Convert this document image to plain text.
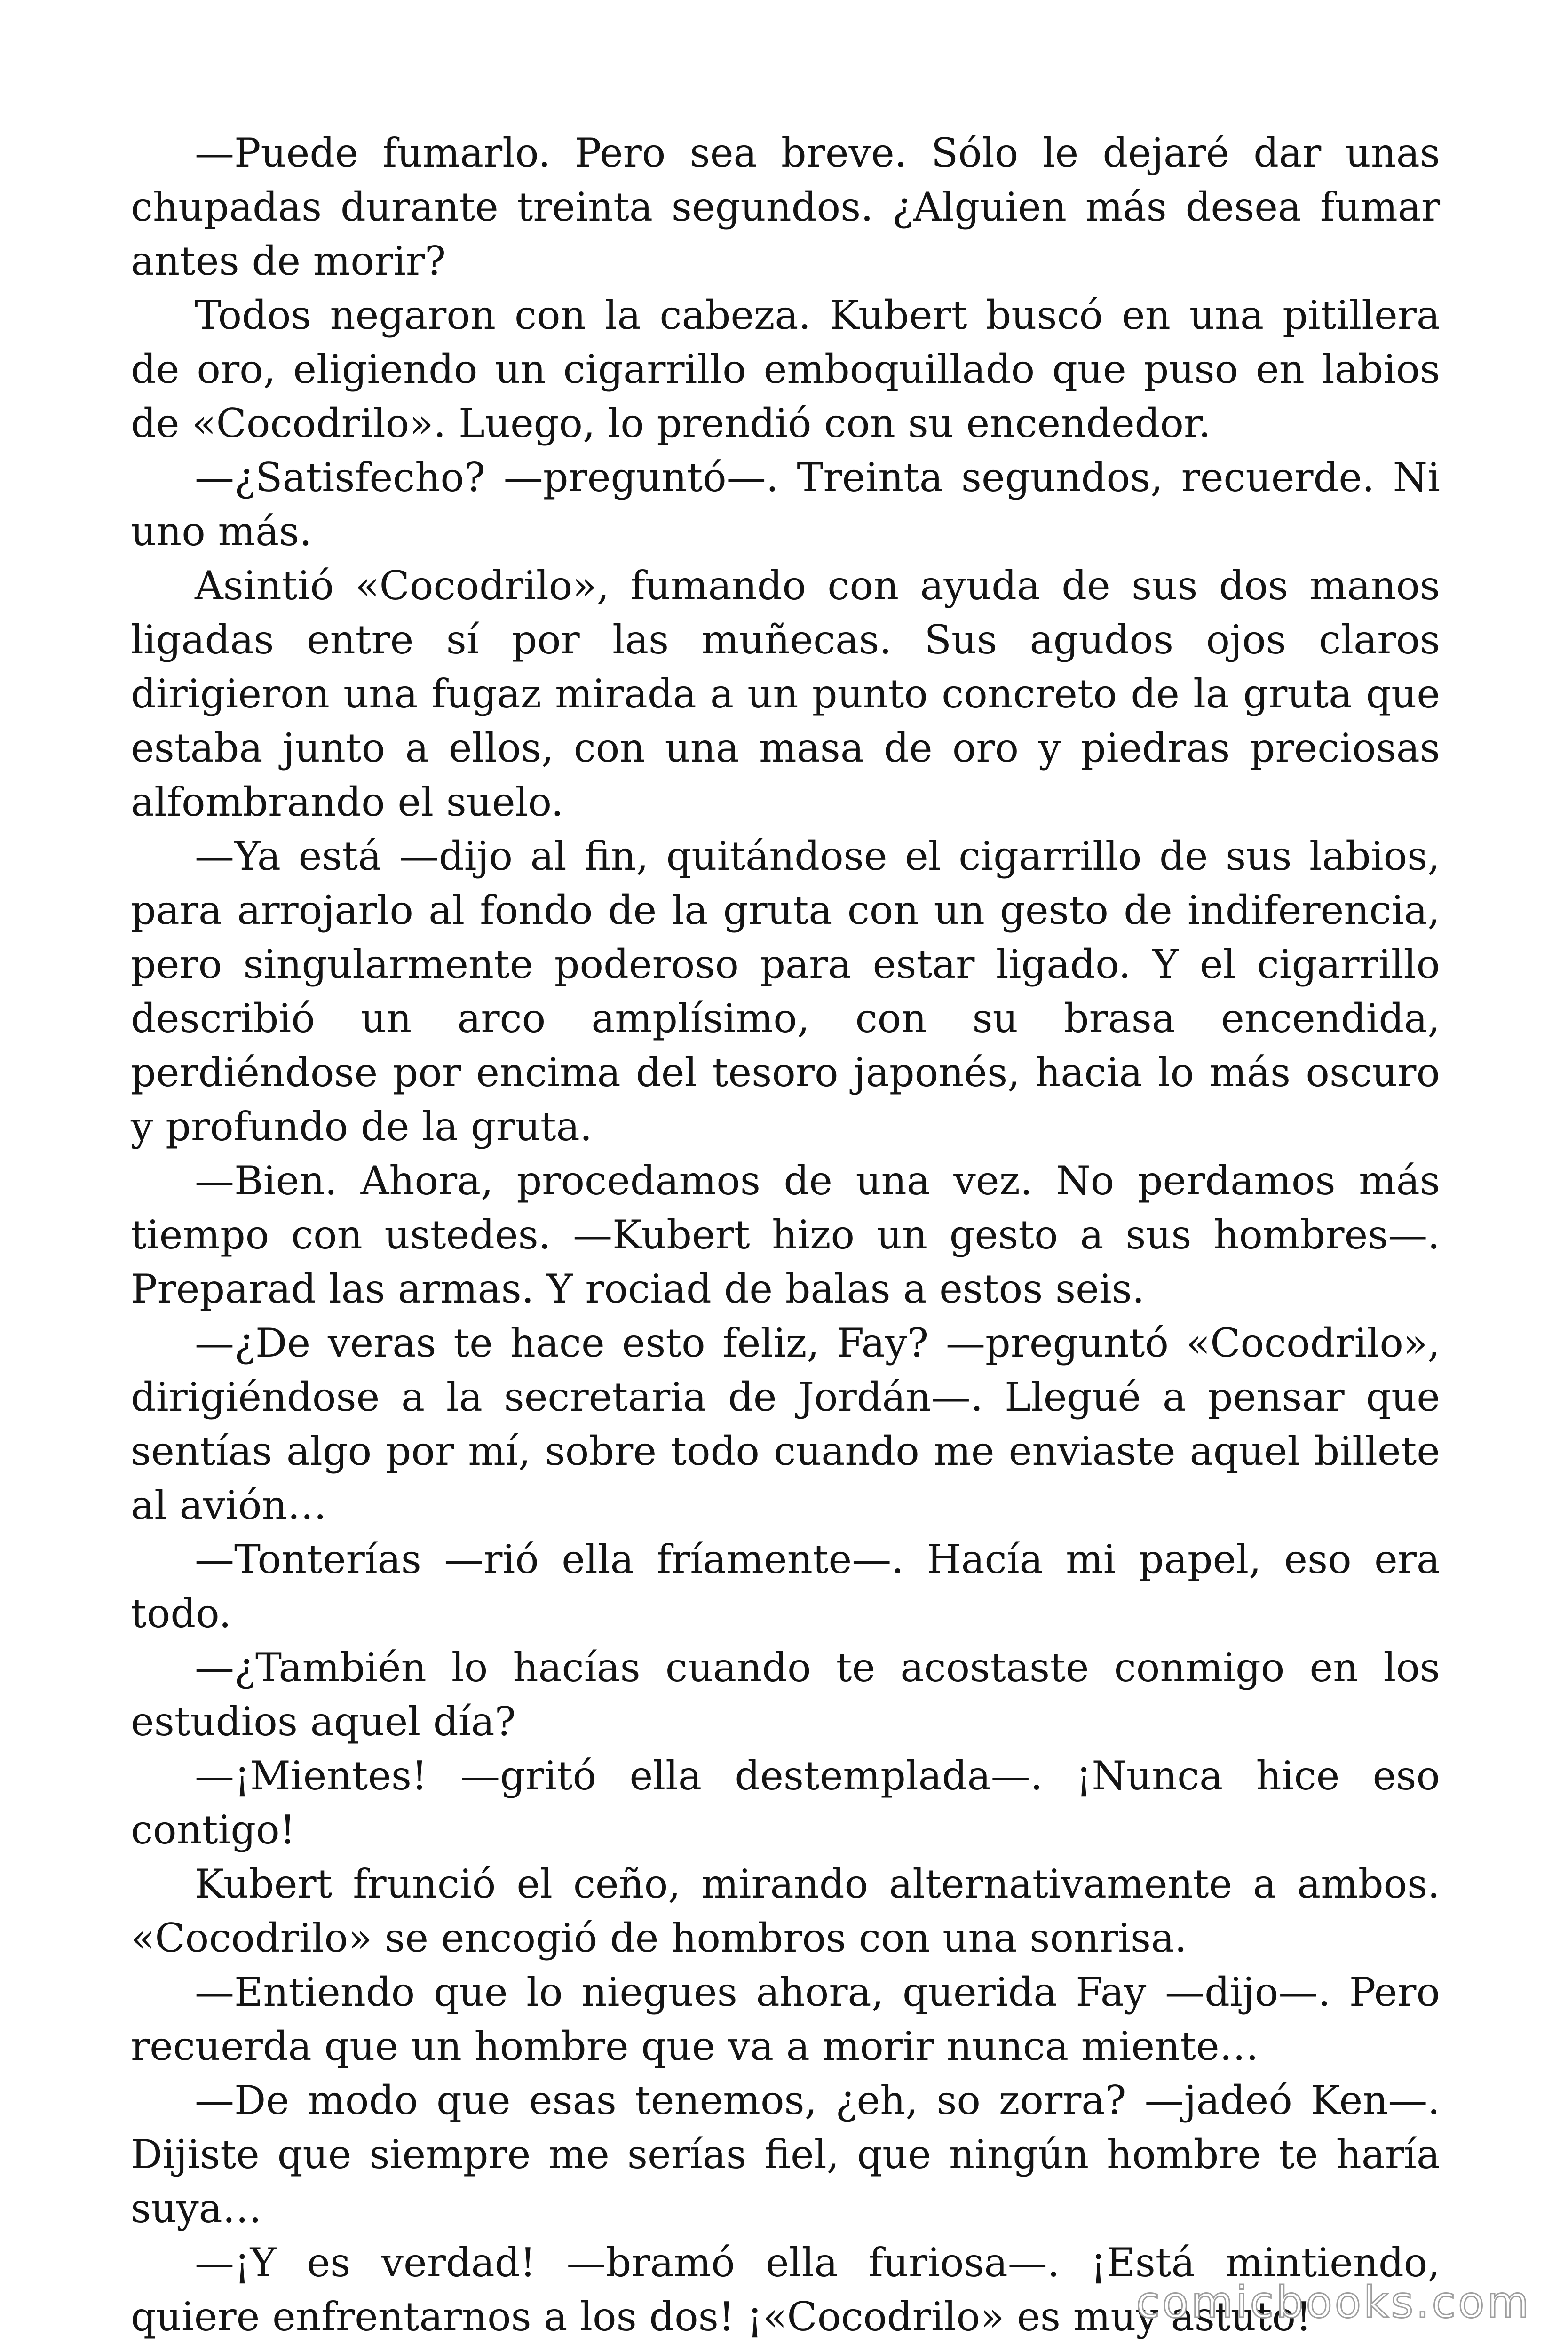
—Puede fumarlo. Pero sea breve. Sólo le dejaré dar unas chupadas durante treinta segundos. ¿Alguien más desea fumar antes de morir?

Todos negaron con la cabeza. Kubert buscó en una pitillera de oro, eligiendo un cigarrillo emboquillado que puso en labios de «Cocodrilo». Luego, lo prendió con su encendedor.

—¿Satisfecho? —preguntó—. Treinta segundos, recuerde. Ni uno más.

Asintió «Cocodrilo», fumando con ayuda de sus dos manos ligadas entre sí por las muñecas. Sus agudos ojos claros dirigieron una fugaz mirada a un punto concreto de la gruta que estaba junto a ellos, con una masa de oro y piedras preciosas alfombrando el suelo.

—Ya está —dijo al fin, quitándose el cigarrillo de sus labios, para arrojarlo al fondo de la gruta con un gesto de indiferencia, pero singularmente poderoso para estar ligado. Y el cigarrillo describió un arco amplísimo, con su brasa encendida, perdiéndose por encima del tesoro japonés, hacia lo más oscuro y profundo de la gruta.

—Bien. Ahora, procedamos de una vez. No perdamos más tiempo con ustedes. —Kubert hizo un gesto a sus hombres—. Preparad las armas. Y rociad de balas a estos seis.

—¿De veras te hace esto feliz, Fay? —preguntó «Cocodrilo», dirigiéndose a la secretaria de Jordán—. Llegué a pensar que sentías algo por mí, sobre todo cuando me enviaste aquel billete al avión…

—Tonterías —rió ella fríamente—. Hacía mi papel, eso era todo.

—¿También lo hacías cuando te acostaste conmigo en los estudios aquel día?

—¡Mientes! —gritó ella destemplada—. ¡Nunca hice eso contigo!

Kubert frunció el ceño, mirando alternativamente a ambos. «Cocodrilo» se encogió de hombros con una sonrisa.

—Entiendo que lo niegues ahora, querida Fay —dijo—. Pero recuerda que un hombre que va a morir nunca miente…

—De modo que esas tenemos, ¿eh, so zorra? —jadeó Ken—. Dijiste que siempre me serías fiel, que ningún hombre te haría suya…

—¡Y es verdad! —bramó ella furiosa—. ¡Está mintiendo, quiere enfrentarnos a los dos! ¡«Cocodrilo» es muy astuto!

comicbooks.com
